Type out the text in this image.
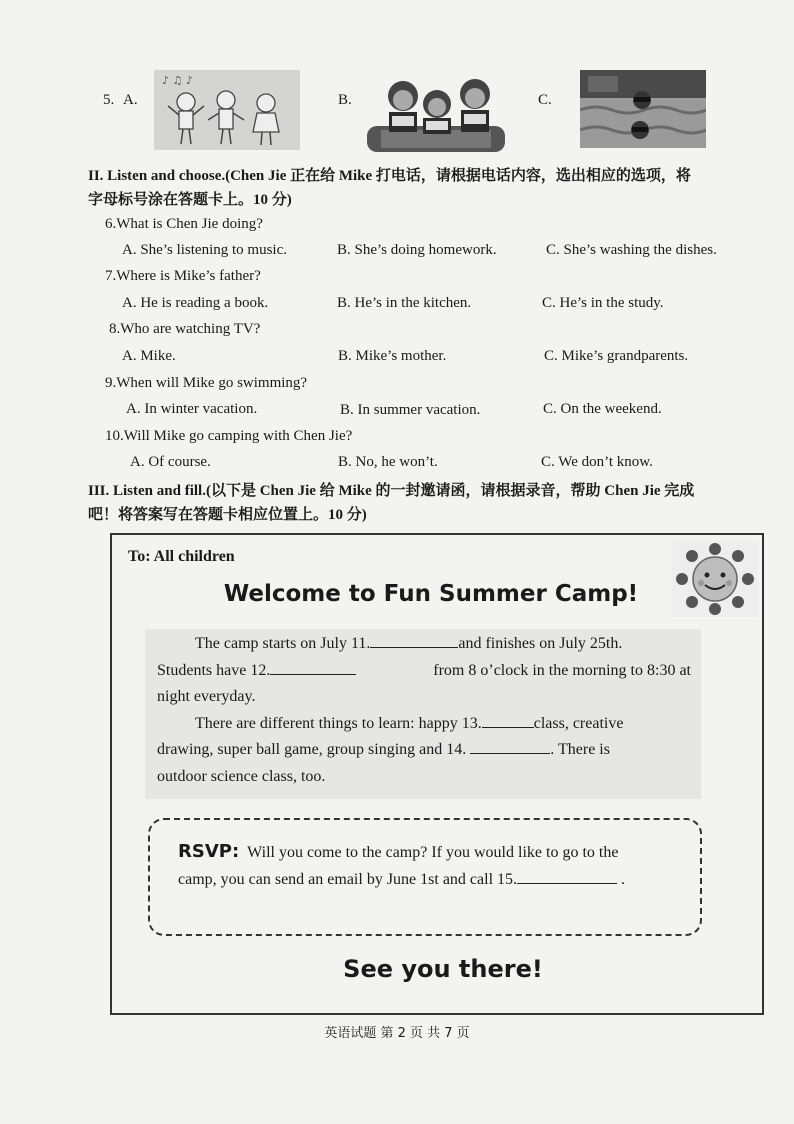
5. A.
♪ ♫ ♪
B.	C.
II. Listen and choose.(Chen Jie 正在给 Mike 打电话，请根据电话内容，选出相应的选项，将
字母标号涂在答题卡上。10 分)
6.What is Chen Jie doing?
A. She’s listening to music.	B. She’s doing homework.	C. She’s washing the dishes.
7.Where is Mike’s father?
A. He is reading a book.	B. He’s in the kitchen.	C. He’s in the study.
8.Who are watching TV?
A. Mike.	B. Mike’s mother.	C. Mike’s grandparents.
9.When will Mike go swimming?
A. In winter vacation.	B. In summer vacation.	C. On the weekend.
10.Will Mike go camping with Chen Jie?
A. Of course.	B. No, he won’t.	C. We don’t know.
III. Listen and fill.(以下是 Chen Jie 给 Mike 的一封邀请函，请根据录音，帮助 Chen Jie 完成
吧！将答案写在答题卡相应位置上。10 分)
To: All children
Welcome to Fun Summer Camp!
The camp starts on July 11.	and finishes on July 25th.
Students have 12.	from 8 o’clock in the morning to 8:30 at
night everyday.
There are different things to learn: happy 13.	class, creative
drawing, super ball game, group singing and 14.	. There is
outdoor science class, too.
RSVP: Will you come to the camp? If you would like to go to the
camp, you can send an email by June 1st and call 15.	.
See you there!
英语试题 第 2 页 共 7 页
